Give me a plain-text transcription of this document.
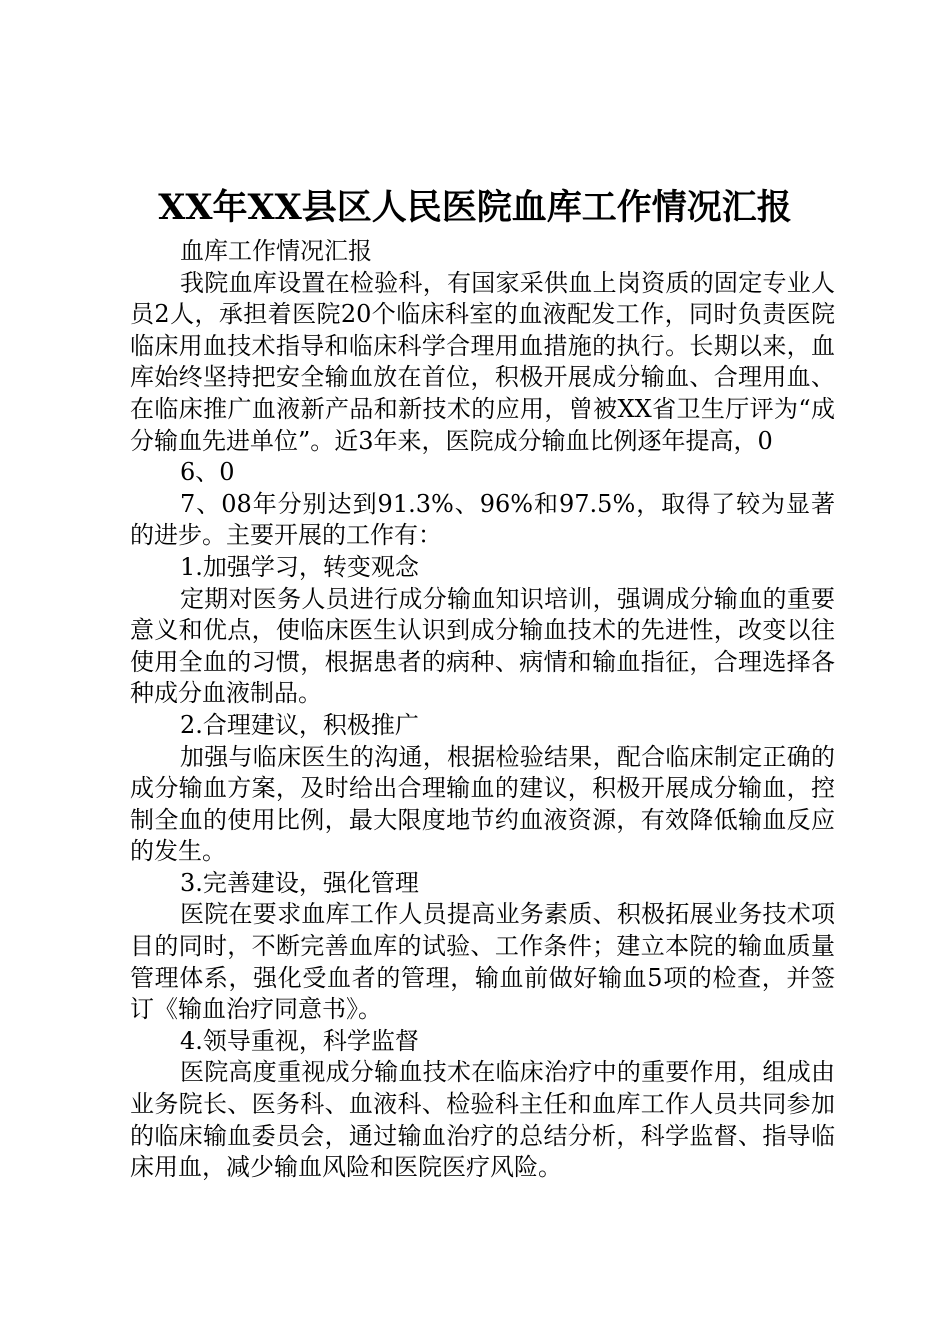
XX年XX县区人民医院血库工作情况汇报

血库工作情况汇报

我院血库设置在检验科，有国家采供血上岗资质的固定专业人员2人，承担着医院20个临床科室的血液配发工作，同时负责医院临床用血技术指导和临床科学合理用血措施的执行。长期以来，血库始终坚持把安全输血放在首位，积极开展成分输血、合理用血、在临床推广血液新产品和新技术的应用，曾被XX省卫生厅评为“成分输血先进单位”。近3年来，医院成分输血比例逐年提高，0

6、0

7、08年分别达到91.3%、96%和97.5%，取得了较为显著的进步。主要开展的工作有：

1.加强学习，转变观念

定期对医务人员进行成分输血知识培训，强调成分输血的重要意义和优点，使临床医生认识到成分输血技术的先进性，改变以往使用全血的习惯，根据患者的病种、病情和输血指征，合理选择各种成分血液制品。

2.合理建议，积极推广

加强与临床医生的沟通，根据检验结果，配合临床制定正确的成分输血方案，及时给出合理输血的建议，积极开展成分输血，控制全血的使用比例，最大限度地节约血液资源，有效降低输血反应的发生。

3.完善建设，强化管理

医院在要求血库工作人员提高业务素质、积极拓展业务技术项目的同时，不断完善血库的试验、工作条件；建立本院的输血质量管理体系，强化受血者的管理，输血前做好输血5项的检查，并签订《输血治疗同意书》。

4.领导重视，科学监督

医院高度重视成分输血技术在临床治疗中的重要作用，组成由业务院长、医务科、血液科、检验科主任和血库工作人员共同参加的临床输血委员会，通过输血治疗的总结分析，科学监督、指导临床用血，减少输血风险和医院医疗风险。
